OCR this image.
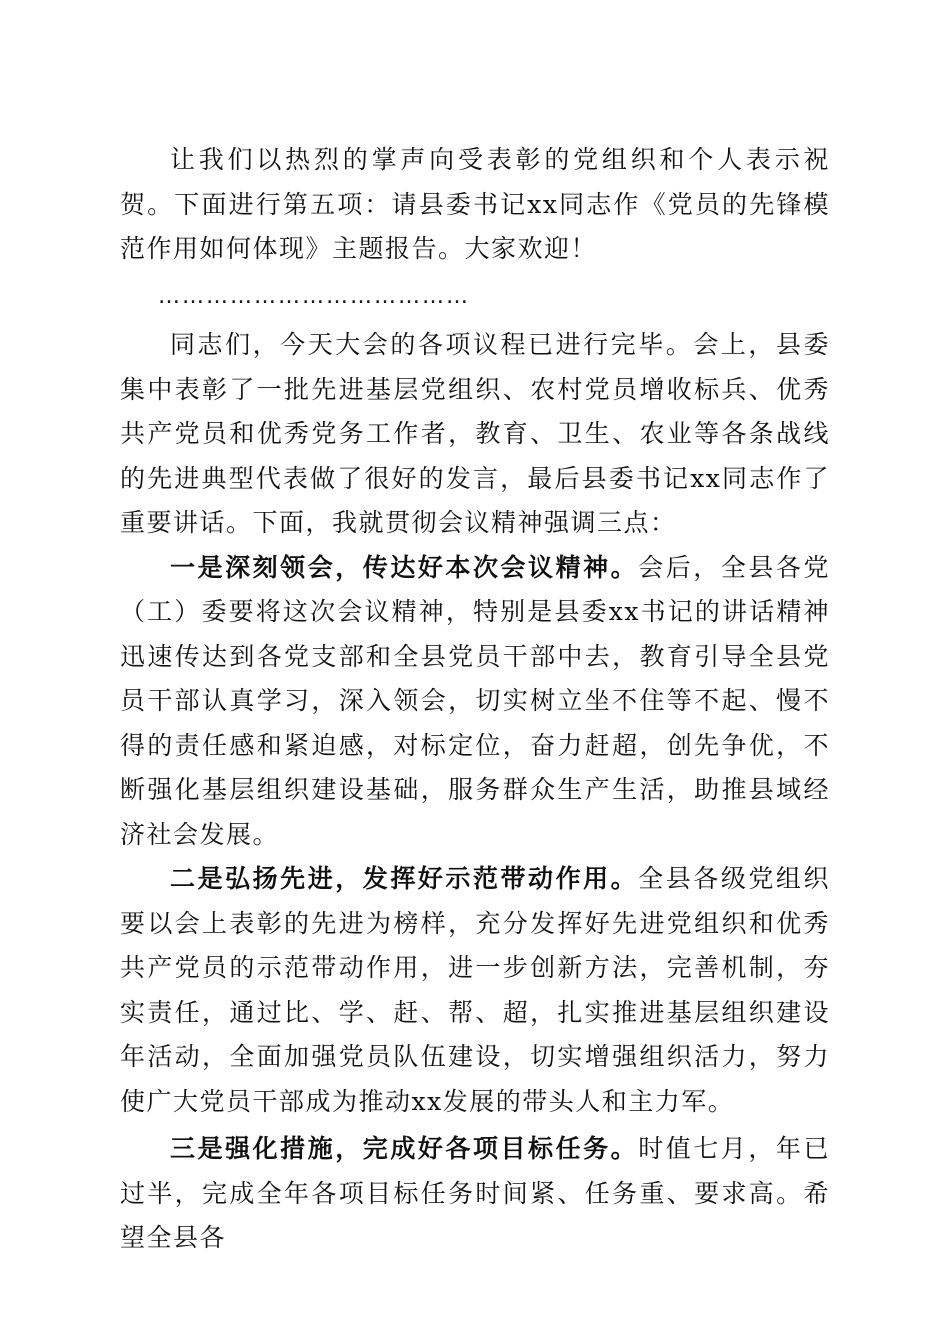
让我们以热烈的掌声向受表彰的党组织和个人表示祝贺。下面进行第五项：请县委书记xx同志作《党员的先锋模范作用如何体现》主题报告。大家欢迎！

…………………………………

同志们，今天大会的各项议程已进行完毕。会上，县委集中表彰了一批先进基层党组织、农村党员增收标兵、优秀共产党员和优秀党务工作者，教育、卫生、农业等各条战线的先进典型代表做了很好的发言，最后县委书记xx同志作了重要讲话。下面，我就贯彻会议精神强调三点：

一是深刻领会，传达好本次会议精神。会后，全县各党（工）委要将这次会议精神，特别是县委xx书记的讲话精神迅速传达到各党支部和全县党员干部中去，教育引导全县党员干部认真学习，深入领会，切实树立坐不住等不起、慢不得的责任感和紧迫感，对标定位，奋力赶超，创先争优，不断强化基层组织建设基础，服务群众生产生活，助推县域经济社会发展。

二是弘扬先进，发挥好示范带动作用。全县各级党组织要以会上表彰的先进为榜样，充分发挥好先进党组织和优秀共产党员的示范带动作用，进一步创新方法，完善机制，夯实责任，通过比、学、赶、帮、超，扎实推进基层组织建设年活动，全面加强党员队伍建设，切实增强组织活力，努力使广大党员干部成为推动xx发展的带头人和主力军。

三是强化措施，完成好各项目标任务。时值七月，年已过半，完成全年各项目标任务时间紧、任务重、要求高。希望全县各
